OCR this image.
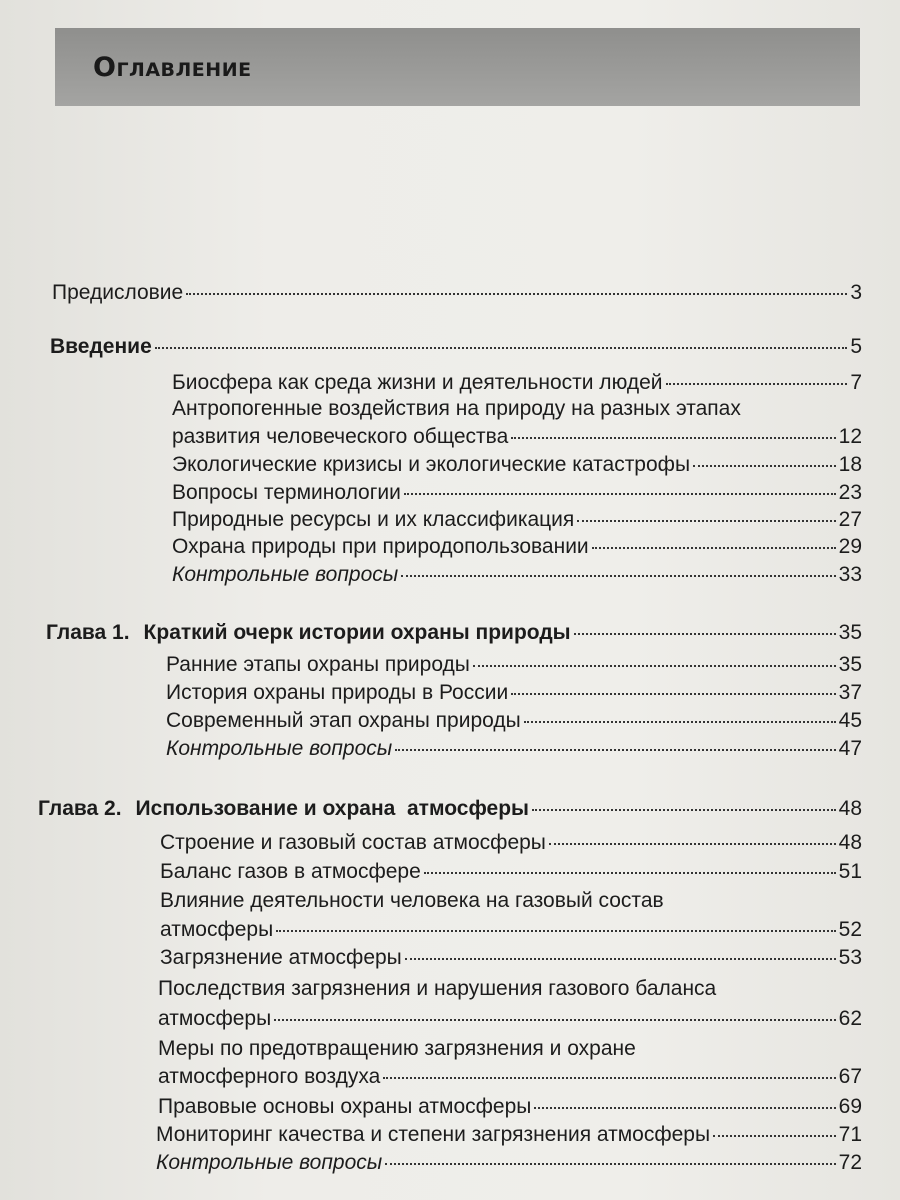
Оглавление
Предисловие	3
Введение	5
Биосфера как среда жизни и деятельности людей	7
Антропогенные воздействия на природу на разных этапах
развития человеческого общества	12
Экологические кризисы и экологические катастрофы	18
Вопросы терминологии	23
Природные ресурсы и их классификация	27
Охрана природы при природопользовании	29
Контрольные вопросы	33
Глава 1. Краткий очерк истории охраны природы	35
Ранние этапы охраны природы	35
История охраны природы в России	37
Современный этап охраны природы	45
Контрольные вопросы	47
Глава 2. Использование и охрана  атмосферы	48
Строение и газовый состав атмосферы	48
Баланс газов в атмосфере	51
Влияние деятельности человека на газовый состав
атмосферы	52
Загрязнение атмосферы	53
Последствия загрязнения и нарушения газового баланса
атмосферы	62
Меры по предотвращению загрязнения и охране
атмосферного воздуха	67
Правовые основы охраны атмосферы	69
Мониторинг качества и степени загрязнения атмосферы	71
Контрольные вопросы	72
